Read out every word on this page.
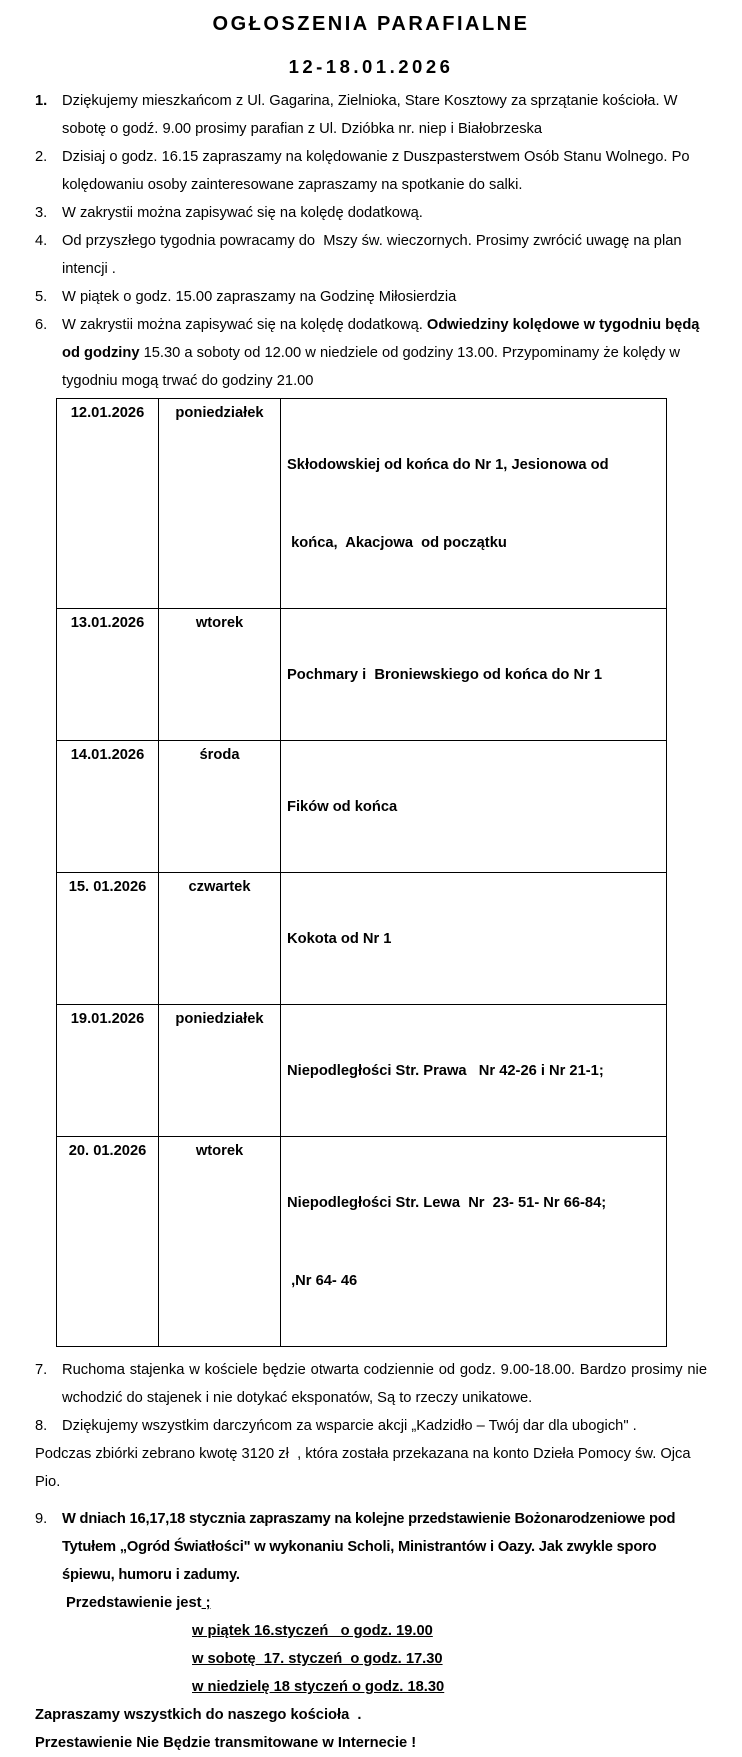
OGŁOSZENIA PARAFIALNE
12-18.01.2026
1.	Dziękujemy mieszkańcom z Ul. Gagarina, Zielnioka, Stare Kosztowy za sprzątanie kościoła. W sobotę o godź. 9.00 prosimy parafian z Ul. Dzióbka nr. niep i Białobrzeska
2.	Dzisiaj o godz. 16.15 zapraszamy na kolędowanie z Duszpasterstwem Osób Stanu Wolnego. Po kolędowaniu osoby zainteresowane zapraszamy na spotkanie do salki.
3.	W zakrystii można zapisywać się na kolędę dodatkową.
4.	Od przyszłego tygodnia powracamy do  Mszy św. wieczornych. Prosimy zwrócić uwagę na plan intencji .
5.	W piątek o godz. 15.00 zapraszamy na Godzinę Miłosierdzia
6.	W zakrystii można zapisywać się na kolędę dodatkową. Odwiedziny kolędowe w tygodniu będą od godziny 15.30 a soboty od 12.00 w niedziele od godziny 13.00. Przypominamy że kolędy w tygodniu mogą trwać do godziny 21.00
12.01.2026	poniedziałek	Skłodowskiej od końca do Nr 1, Jesionowa od

końca,  Akacjowa  od początku

13.01.2026	wtorek	Pochmary i  Broniewskiego od końca do Nr 1

14.01.2026	środa	Fików od końca

15. 01.2026	czwartek	Kokota od Nr 1

19.01.2026	poniedziałek	Niepodległości Str. Prawa   Nr 42-26 i Nr 21-1;

20. 01.2026	wtorek	Niepodległości Str. Lewa  Nr  23- 51- Nr 66-84;

,Nr 64- 46

7.	Ruchoma stajenka w kościele będzie otwarta codziennie od godz. 9.00-18.00. Bardzo prosimy nie wchodzić do stajenek i nie dotykać eksponatów, Są to rzeczy unikatowe.
8.	Dziękujemy wszystkim darczyńcom za wsparcie akcji „Kadzidło – Twój dar dla ubogich" .

Podczas zbiórki zebrano kwotę 3120 zł  , która została przekazana na konto Dzieła Pomocy św. Ojca Pio.

9.	W dniach 16,17,18 stycznia zapraszamy na kolejne przedstawienie Bożonarodzeniowe pod Tytułem „Ogród Światłości" w wykonaniu Scholi, Ministrantów i Oazy. Jak zwykle sporo śpiewu, humoru i zadumy.
Przedstawienie jest ;
w piątek 16.styczeń   o godz. 19.00
w sobotę  17. styczeń  o godz. 17.30
w niedzielę 18 styczeń o godz. 18.30

Zapraszamy wszystkich do naszego kościoła  .

Przestawienie Nie Będzie transmitowane w Internecie !
